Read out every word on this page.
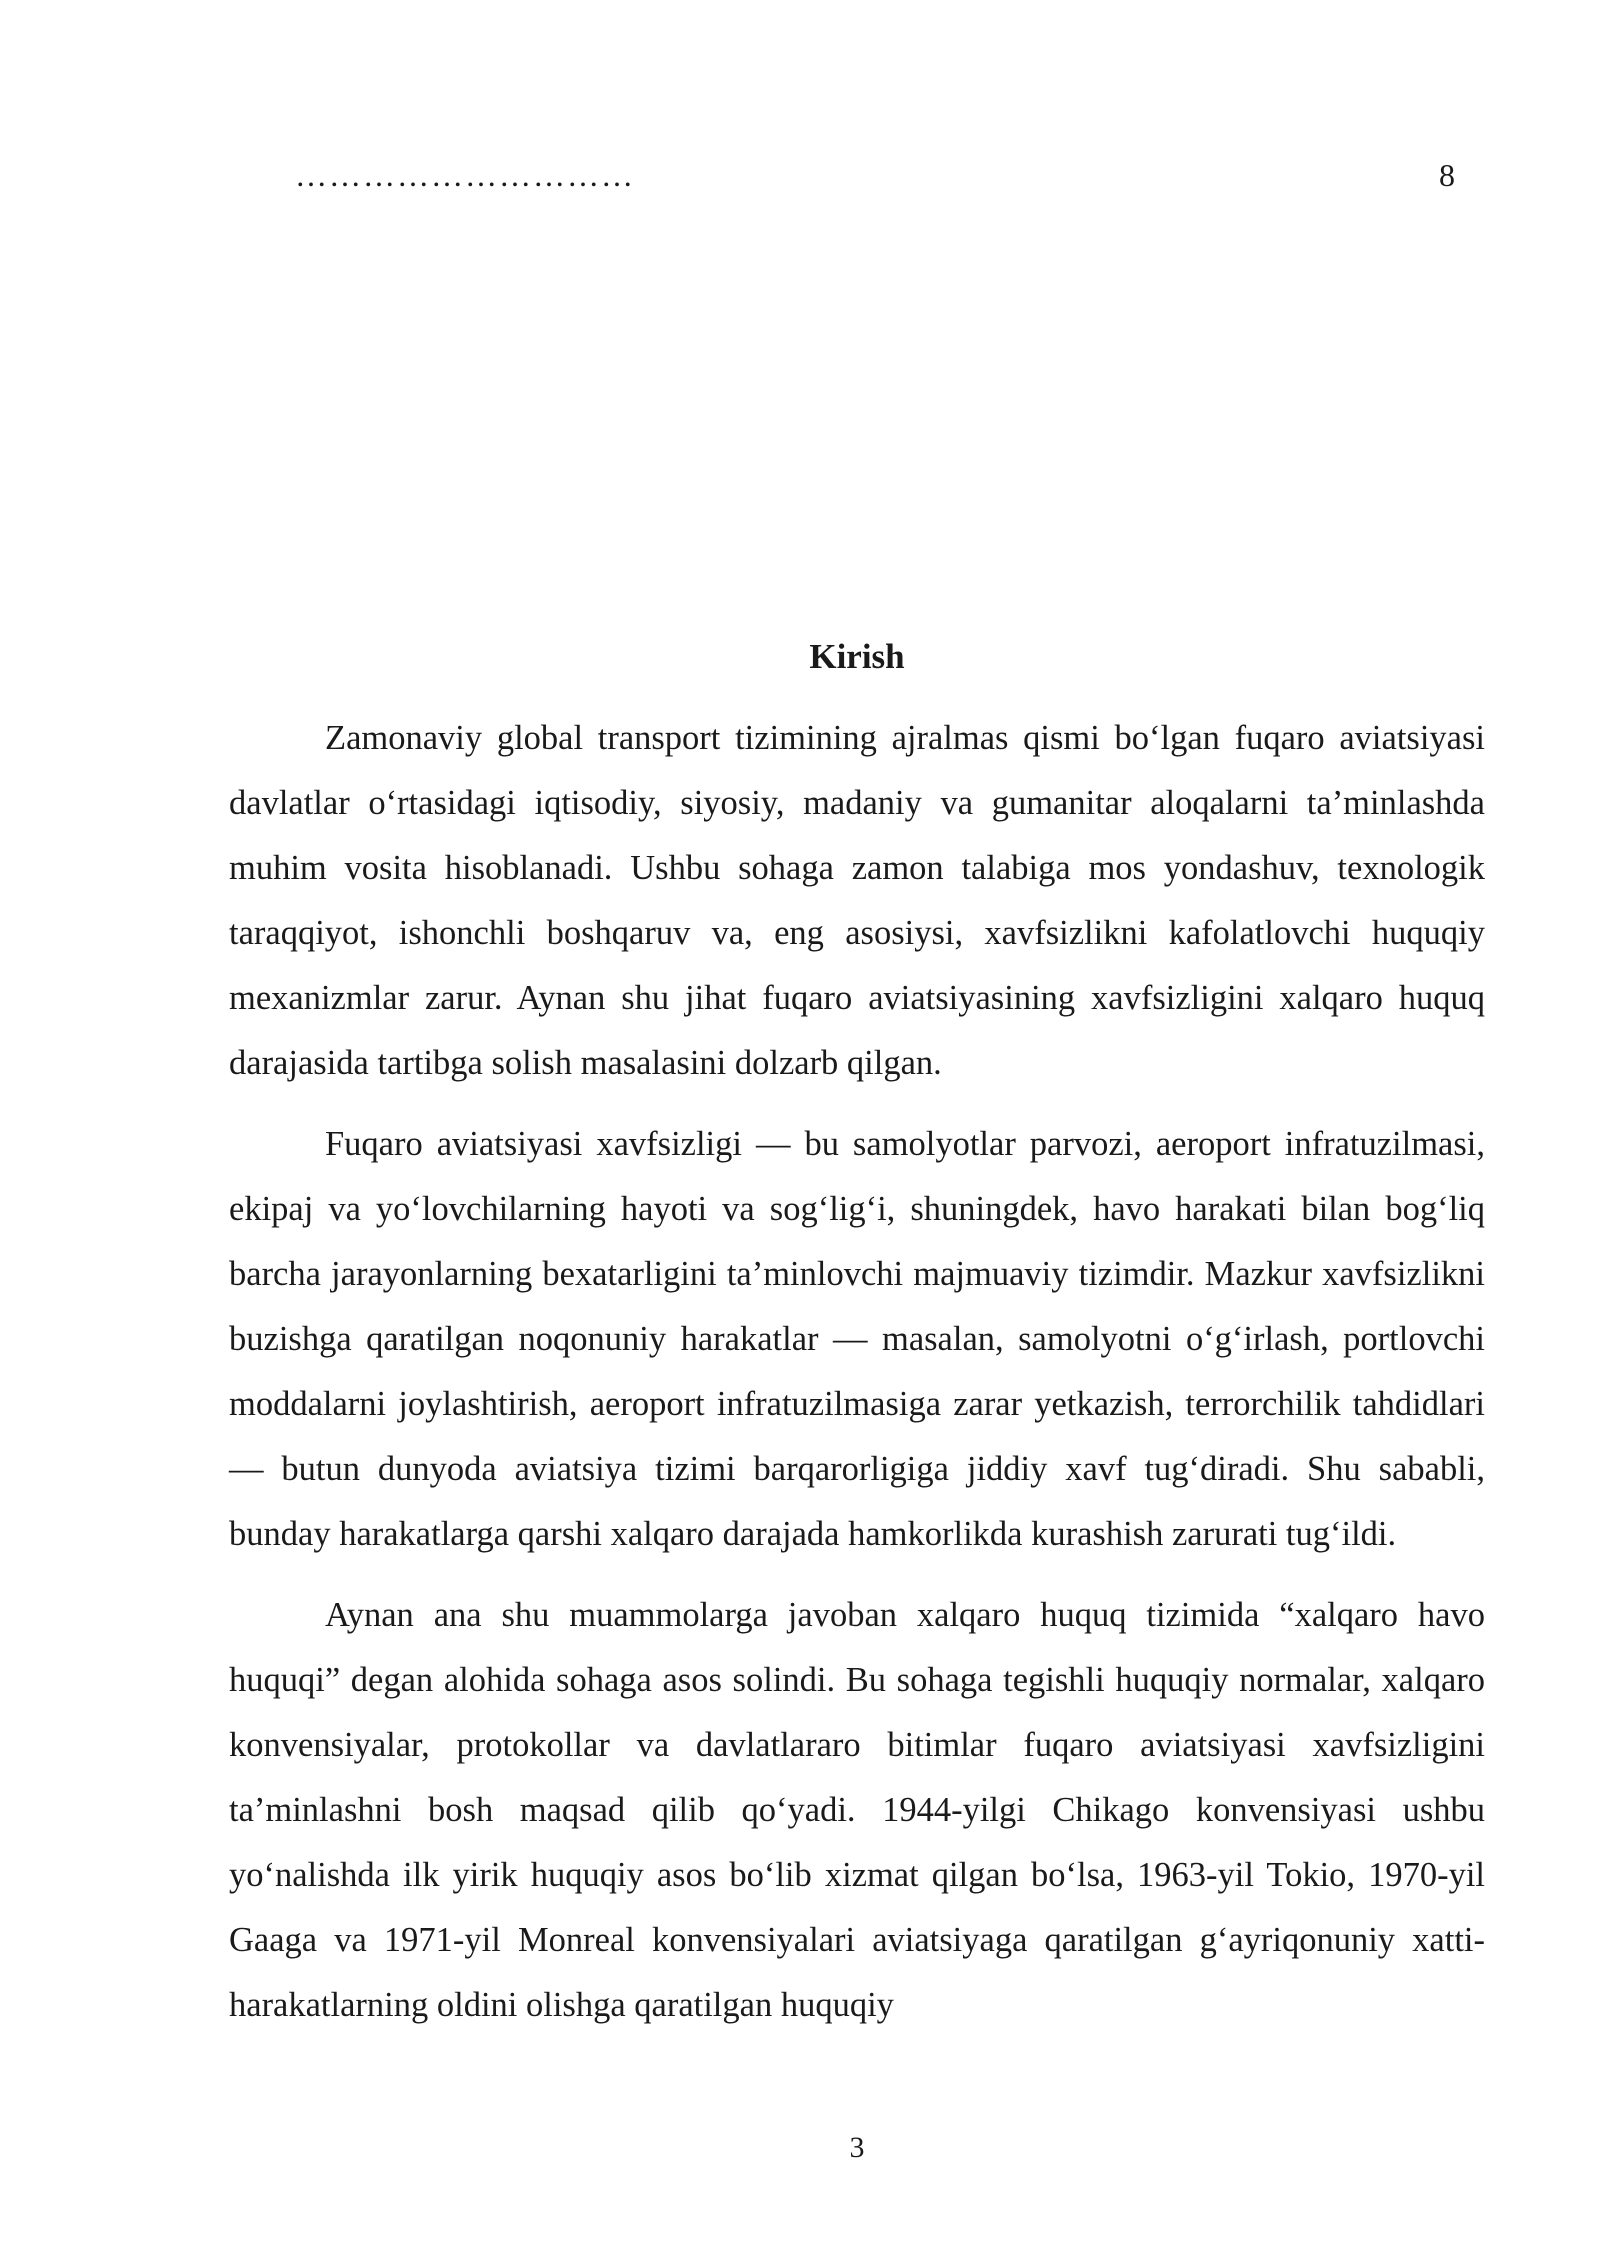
…………………………	8
Kirish

Zamonaviy global transport tizimining ajralmas qismi bo‘lgan fuqaro aviatsiyasi davlatlar o‘rtasidagi iqtisodiy, siyosiy, madaniy va gumanitar aloqalarni ta’minlashda muhim vosita hisoblanadi. Ushbu sohaga zamon talabiga mos yondashuv, texnologik taraqqiyot, ishonchli boshqaruv va, eng asosiysi, xavfsizlikni kafolatlovchi huquqiy mexanizmlar zarur. Aynan shu jihat fuqaro aviatsiyasining xavfsizligini xalqaro huquq darajasida tartibga solish masalasini dolzarb qilgan.

Fuqaro aviatsiyasi xavfsizligi — bu samolyotlar parvozi, aeroport infratuzilmasi, ekipaj va yo‘lovchilarning hayoti va sog‘lig‘i, shuningdek, havo harakati bilan bog‘liq barcha jarayonlarning bexatarligini ta’minlovchi majmuaviy tizimdir. Mazkur xavfsizlikni buzishga qaratilgan noqonuniy harakatlar — masalan, samolyotni o‘g‘irlash, portlovchi moddalarni joylashtirish, aeroport infratuzilmasiga zarar yetkazish, terrorchilik tahdidlari — butun dunyoda aviatsiya tizimi barqarorligiga jiddiy xavf tug‘diradi. Shu sababli, bunday harakatlarga qarshi xalqaro darajada hamkorlikda kurashish zarurati tug‘ildi.

Aynan ana shu muammolarga javoban xalqaro huquq tizimida “xalqaro havo huquqi” degan alohida sohaga asos solindi. Bu sohaga tegishli huquqiy normalar, xalqaro konvensiyalar, protokollar va davlatlararo bitimlar fuqaro aviatsiyasi xavfsizligini ta’minlashni bosh maqsad qilib qo‘yadi. 1944-yilgi Chikago konvensiyasi ushbu yo‘nalishda ilk yirik huquqiy asos bo‘lib xizmat qilgan bo‘lsa, 1963-yil Tokio, 1970-yil Gaaga va 1971-yil Monreal konvensiyalari aviatsiyaga qaratilgan g‘ayriqonuniy xatti-harakatlarning oldini olishga qaratilgan huquqiy

3
